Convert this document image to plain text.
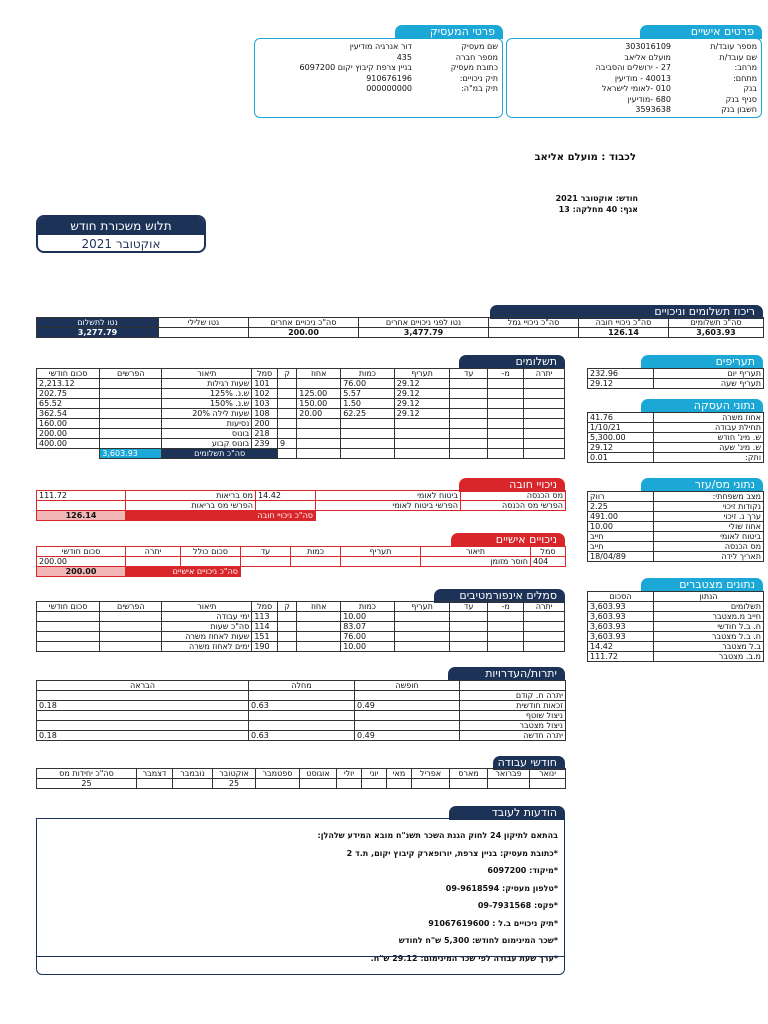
פרטים אישיים
מספר עובד/ת
303016109
שם עובד/ת
מועלם אליאב
מרחב:
27 - ירושלים והסביבה
מתחם:
40013 - מודיעין
בנק
010 -לאומי לישראל
סניף בנק
680 -מודיעין
חשבון בנק
3593638
פרטי המעסיק
שם מעסיק
דור אנרגיה מודיעין
מספר חברה
435
כתובת מעסיק
בניין צרפת קיבוץ יקום 6097200
תיק ניכויים:
910676196
תיק במ"ה:
000000000
לכבוד : מועלם אליאב
חודש: אוקטובר 2021
אגף: 40 מחלקה: 13
תלוש משכורת חודש
אוקטובר 2021
ריכוז תשלומים וניכויים
סה"כ תשלומים	סה"כ ניכויי חובה	סה"כ ניכויי גמל	נטו לפני ניכויים אחרים	סה"כ ניכויים אחרים	נטו שלילי	נטו לתשלום
3,603.93	126.14		3,477.79	200.00		3,277.79
תשלומים
יתרה	מ-	עד	תעריף	כמות	אחוז	ק	סמל	תיאור	הפרשים	סכום חודשי
			29.12	76.00			101	שעות רגילות		2,213.12
			29.12	5.57	125.00		102	ש.נ. 125%		202.75
			29.12	1.50	150.00		103	ש.נ. 150%		65.52
			29.12	62.25	20.00		108	שעות לילה 20%		362.54
							200	נסיעות		160.00
							218	בונוס		200.00
						9	239	בונוס קבוע		400.00
							סה"כ תשלומים		3,603.93	
תעריפים
תעריף יום	232.96
תעריף שעה	29.12
נתוני העסקה
אחוז משרה	41.76
תחילת עבודה	1/10/21
ש. מינ' חודש	5,300.00
ש. מינ' שעה	29.12
ותק:	0.01
נתוני מס/עזר
מצב משפחתי:	רווק
נקודות זיכוי	2.25
ערך נ. זיכוי	491.00
אחוז שולי	10.00
ביטוח לאומי	חייב
מס הכנסה	חייב
תאריך לידה	18/04/89
ניכויי חובה
מס הכנסה	ביטוח לאומי	14.42	מס בריאות	111.72
הפרשי מס הכנסה	הפרשי ביטוח לאומי		הפרשי מס בריאות	
		סה"כ ניכויי חובה		126.14
ניכויים אישיים
סמל	תיאור	תעריף	כמות	עד	סכום כולל	יתרה	סכום חודשי
404	חוסר מזומן						200.00
					סה"כ ניכויים אישיים		200.00
נתונים מצטברים
הנתון	הסכום
תשלומים	3,603.93
חייב מ.מצטבר	3,603.93
ח. ב.ל חודשי	3,603.93
ח. ב.ל מצטבר	3,603.93
ב.ל מצטבר	14.42
מ.ב. מצטבר	111.72
סמלים אינפורמטיבים
יתרה	מ-	עד	תעריף	כמות	אחוז	ק	סמל	תיאור	הפרשים	סכום חודשי
				10.00			113	ימי עבודה		
				83.07			114	סה"כ שעות		
				76.00			151	שעות לאחוז משרה		
				10.00			190	ימים לאחוז משרה		
יתרות/העדרויות
	חופשה	מחלה	הבראה
יתרה ח. קודם			
זכאות חודשית	0.49	0.63	0.18
ניצול שוטף			
ניצול מצטבר			
יתרה חדשה	0.49	0.63	0.18
חודשי עבודה
ינואר	פברואר	מארס	אפריל	מאי	יוני	יולי	אוגוסט	ספטמבר	אוקטובר	נובמבר	דצמבר	סה"כ יחידות מס
									25			25
הודעות לעובד
בהתאם לתיקון 24 לחוק הגנת השכר תשנ"ח מובא המידע שלהלן:
*כתובת מעסיק: בניין צרפת, יורופארק קיבוץ יקום, ת.ד 2
*מיקוד: 6097200
*טלפון מעסיק: 09-9618594
*פקס: 09-7931568
*תיק ניכויים ב.ל : 91067619600
*שכר המינימום לחודש: 5,300 ש"ח לחודש
*ערך שעת עבודה לפי שכר המינימום: 29.12 ש"ח.
